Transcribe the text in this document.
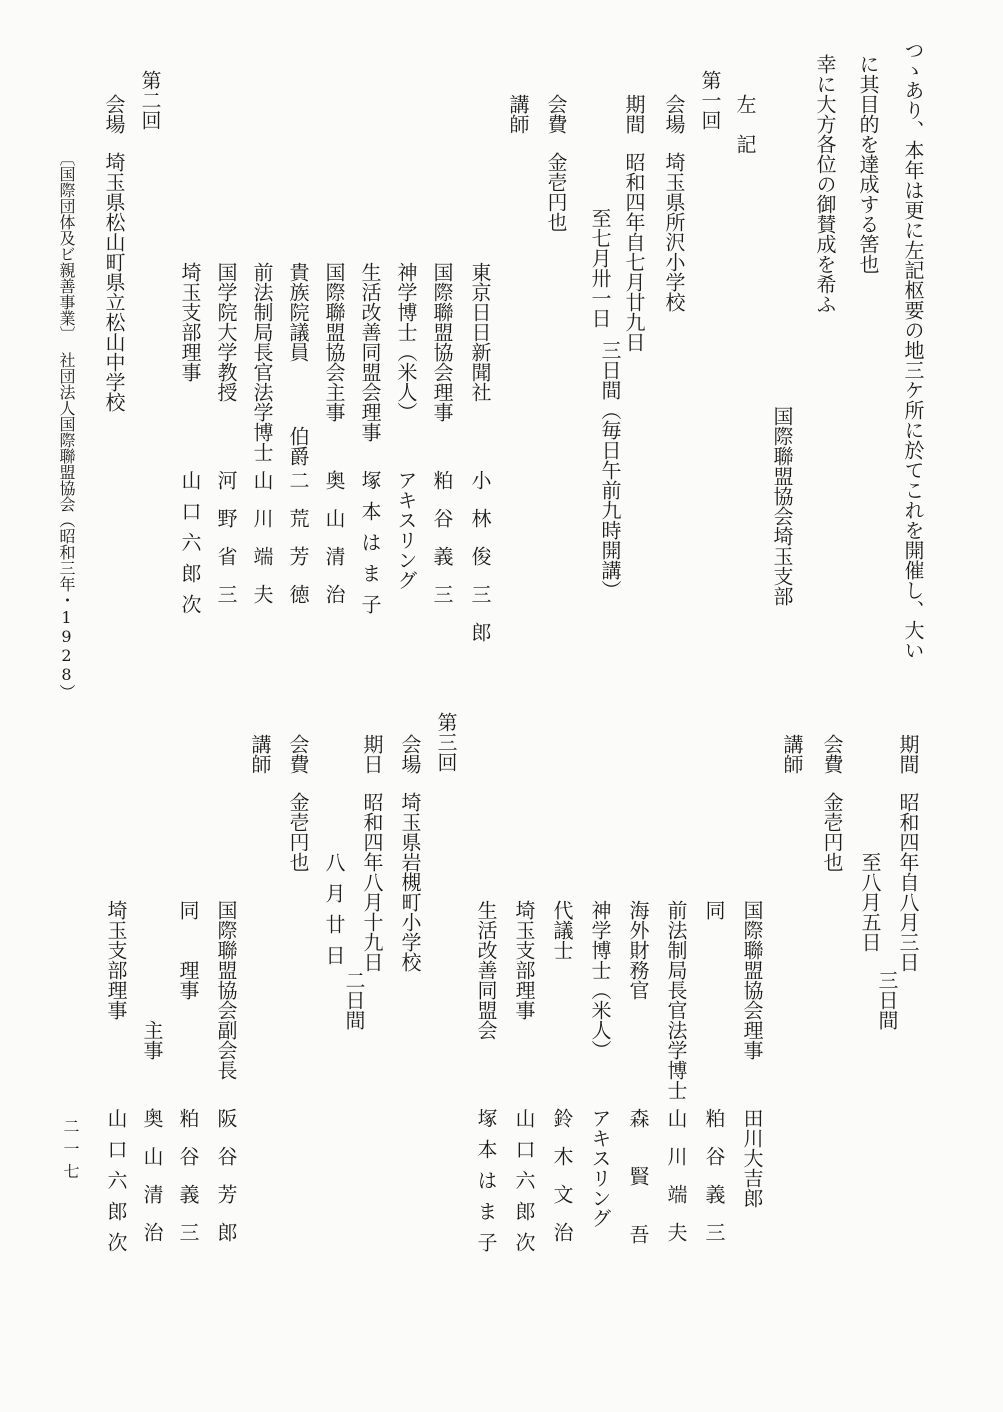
つゝあり、本年は更に左記枢要の地三ケ所に於てこれを開催し、大い
に其目的を達成する筈也
幸に大方各位の御賛成を希ふ
国際聯盟協会埼玉支部
左　記
第一回
会場
埼玉県所沢小学校
期間
昭和四年自七月廿九日
至七月卅一日
三日間（毎日午前九時開講）
会費
金壱円也
講師
東京日日新聞社
小林俊三郎
国際聯盟協会理事
粕谷義三
神学博士（米人）
アキスリング
生活改善同盟会理事
塚本はま子
国際聯盟協会主事
奥山清治
貴族院議員
伯爵
二荒芳徳
前法制局長官法学博士
山川端夫
国学院大学教授
河野省三
埼玉支部理事
山口六郎次
第二回
会場
埼玉県松山町県立松山中学校
〔国際団体及ビ親善事業〕
社団法人国際聯盟協会（昭和三年・1928）
期間
昭和四年自八月三日
至八月五日
三日間
会費
金壱円也
講師
国際聯盟協会理事
田川大吉郎
同
粕谷義三
前法制局長官法学博士
山川端夫
海外財務官
森賢吾
神学博士（米人）
アキスリング
代議士
鈴木文治
埼玉支部理事
山口六郎次
生活改善同盟会
塚本はま子
第三回
会場
埼玉県岩槻町小学校
期日
昭和四年八月十九日
八月廿日
二日間
会費
金壱円也
講師
国際聯盟協会副会長
阪谷芳郎
同　　理事
粕谷義三
主事
奥山清治
埼玉支部理事
山口六郎次
二一七
